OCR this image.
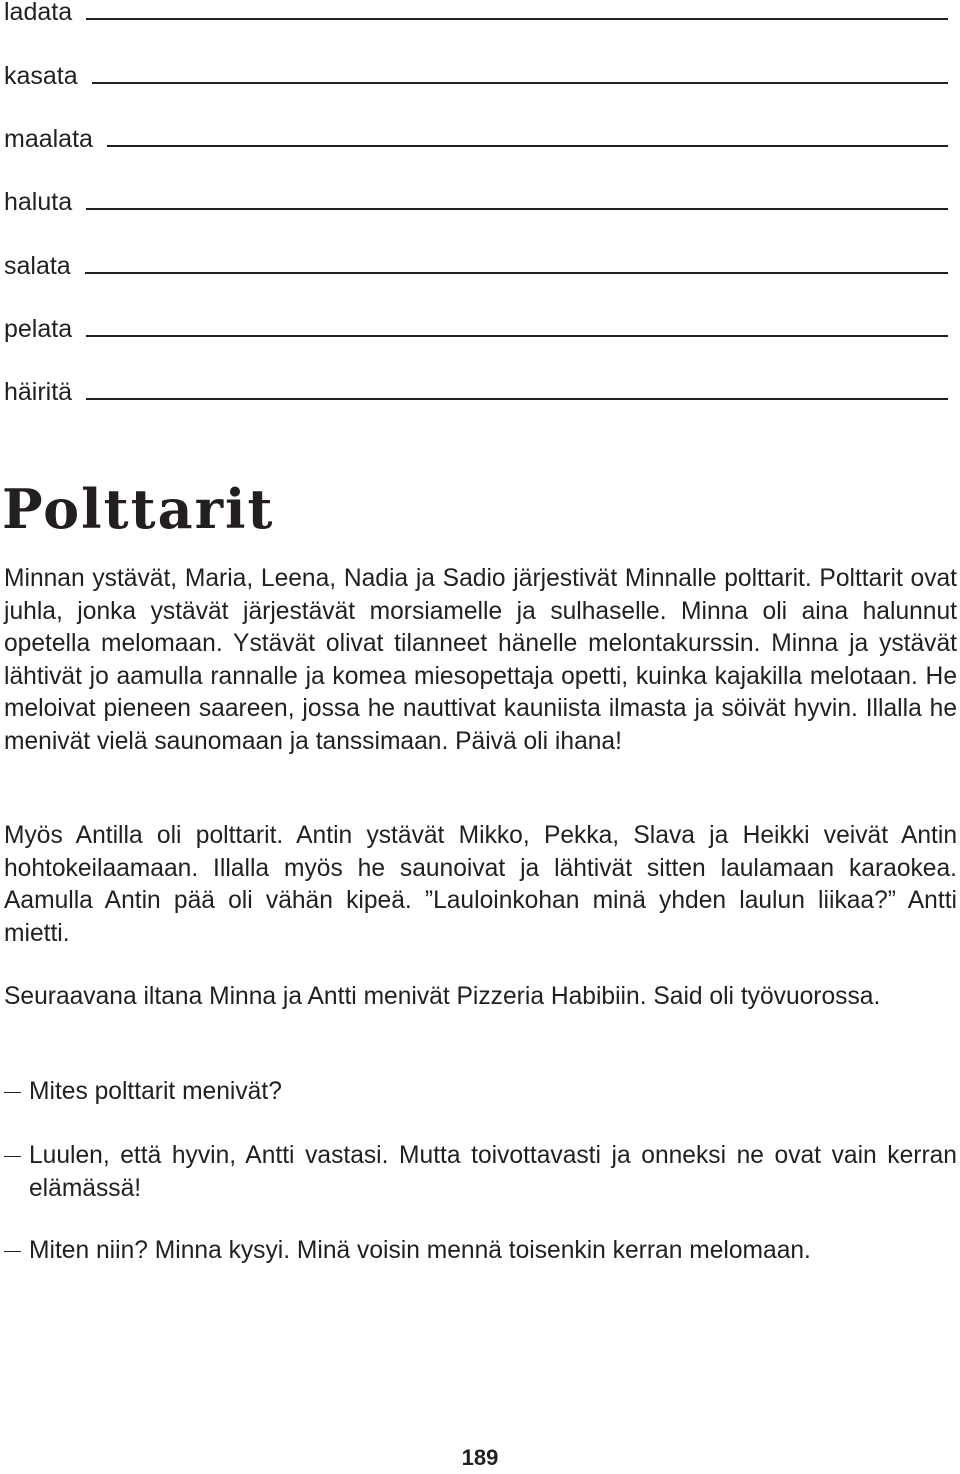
ladata
kasata
maalata
haluta
salata
pelata
häiritä
Polttarit

Minnan ystävät, Maria, Leena, Nadia ja Sadio järjestivät Minnalle polttarit. Polttarit ovat juhla, jonka ystävät järjestävät morsiamelle ja sulhaselle. Minna oli aina halunnut opetella melomaan. Ystävät olivat tilanneet hänelle melontakurssin. Minna ja ystävät lähtivät jo aamulla rannalle ja komea miesopettaja opetti, kuinka kajakilla melotaan. He meloivat pieneen saareen, jossa he nauttivat kauniista ilmasta ja söivät hyvin. Illalla he menivät vielä saunomaan ja tanssimaan. Päivä oli ihana!

Myös Antilla oli polttarit. Antin ystävät Mikko, Pekka, Slava ja Heikki veivät Antin hohtokeilaamaan. Illalla myös he saunoivat ja lähtivät sitten laulamaan karaokea. Aamulla Antin pää oli vähän kipeä. ”Lauloinkohan minä yhden laulun liikaa?” Antti mietti.

Seuraavana iltana Minna ja Antti menivät Pizzeria Habibiin. Said oli työvuorossa.

Mites polttarit menivät?

Luulen, että hyvin, Antti vastasi. Mutta toivottavasti ja onneksi ne ovat vain kerran elämässä!

Miten niin? Minna kysyi. Minä voisin mennä toisenkin kerran melomaan.

189
